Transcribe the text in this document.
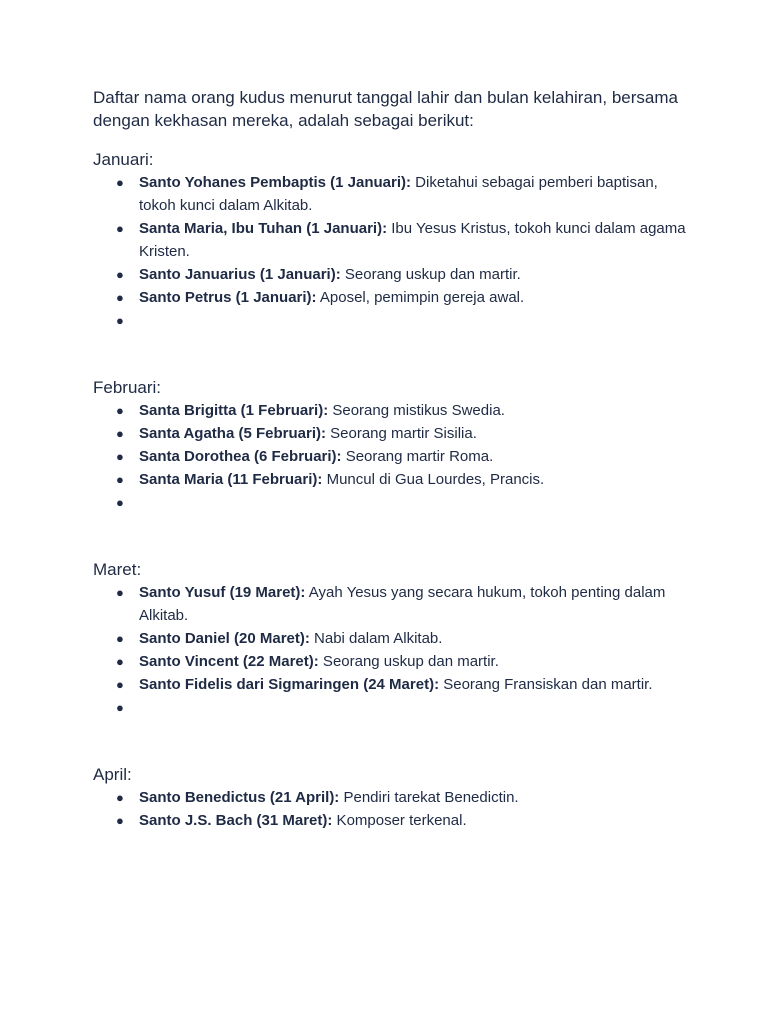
Daftar nama orang kudus menurut tanggal lahir dan bulan kelahiran, bersama dengan kekhasan mereka, adalah sebagai berikut:

Januari:

● Santo Yohanes Pembaptis (1 Januari): Diketahui sebagai pemberi baptisan, tokoh kunci dalam Alkitab.
● Santa Maria, Ibu Tuhan (1 Januari): Ibu Yesus Kristus, tokoh kunci dalam agama Kristen.
● Santo Januarius (1 Januari): Seorang uskup dan martir.
● Santo Petrus (1 Januari): Aposel, pemimpin gereja awal.
●

Februari:

● Santa Brigitta (1 Februari): Seorang mistikus Swedia.
● Santa Agatha (5 Februari): Seorang martir Sisilia.
● Santa Dorothea (6 Februari): Seorang martir Roma.
● Santa Maria (11 Februari): Muncul di Gua Lourdes, Prancis.
●

Maret:

● Santo Yusuf (19 Maret): Ayah Yesus yang secara hukum, tokoh penting dalam Alkitab.
● Santo Daniel (20 Maret): Nabi dalam Alkitab.
● Santo Vincent (22 Maret): Seorang uskup dan martir.
● Santo Fidelis dari Sigmaringen (24 Maret): Seorang Fransiskan dan martir.
●

April:

● Santo Benedictus (21 April): Pendiri tarekat Benedictin.
● Santo J.S. Bach (31 Maret): Komposer terkenal.
